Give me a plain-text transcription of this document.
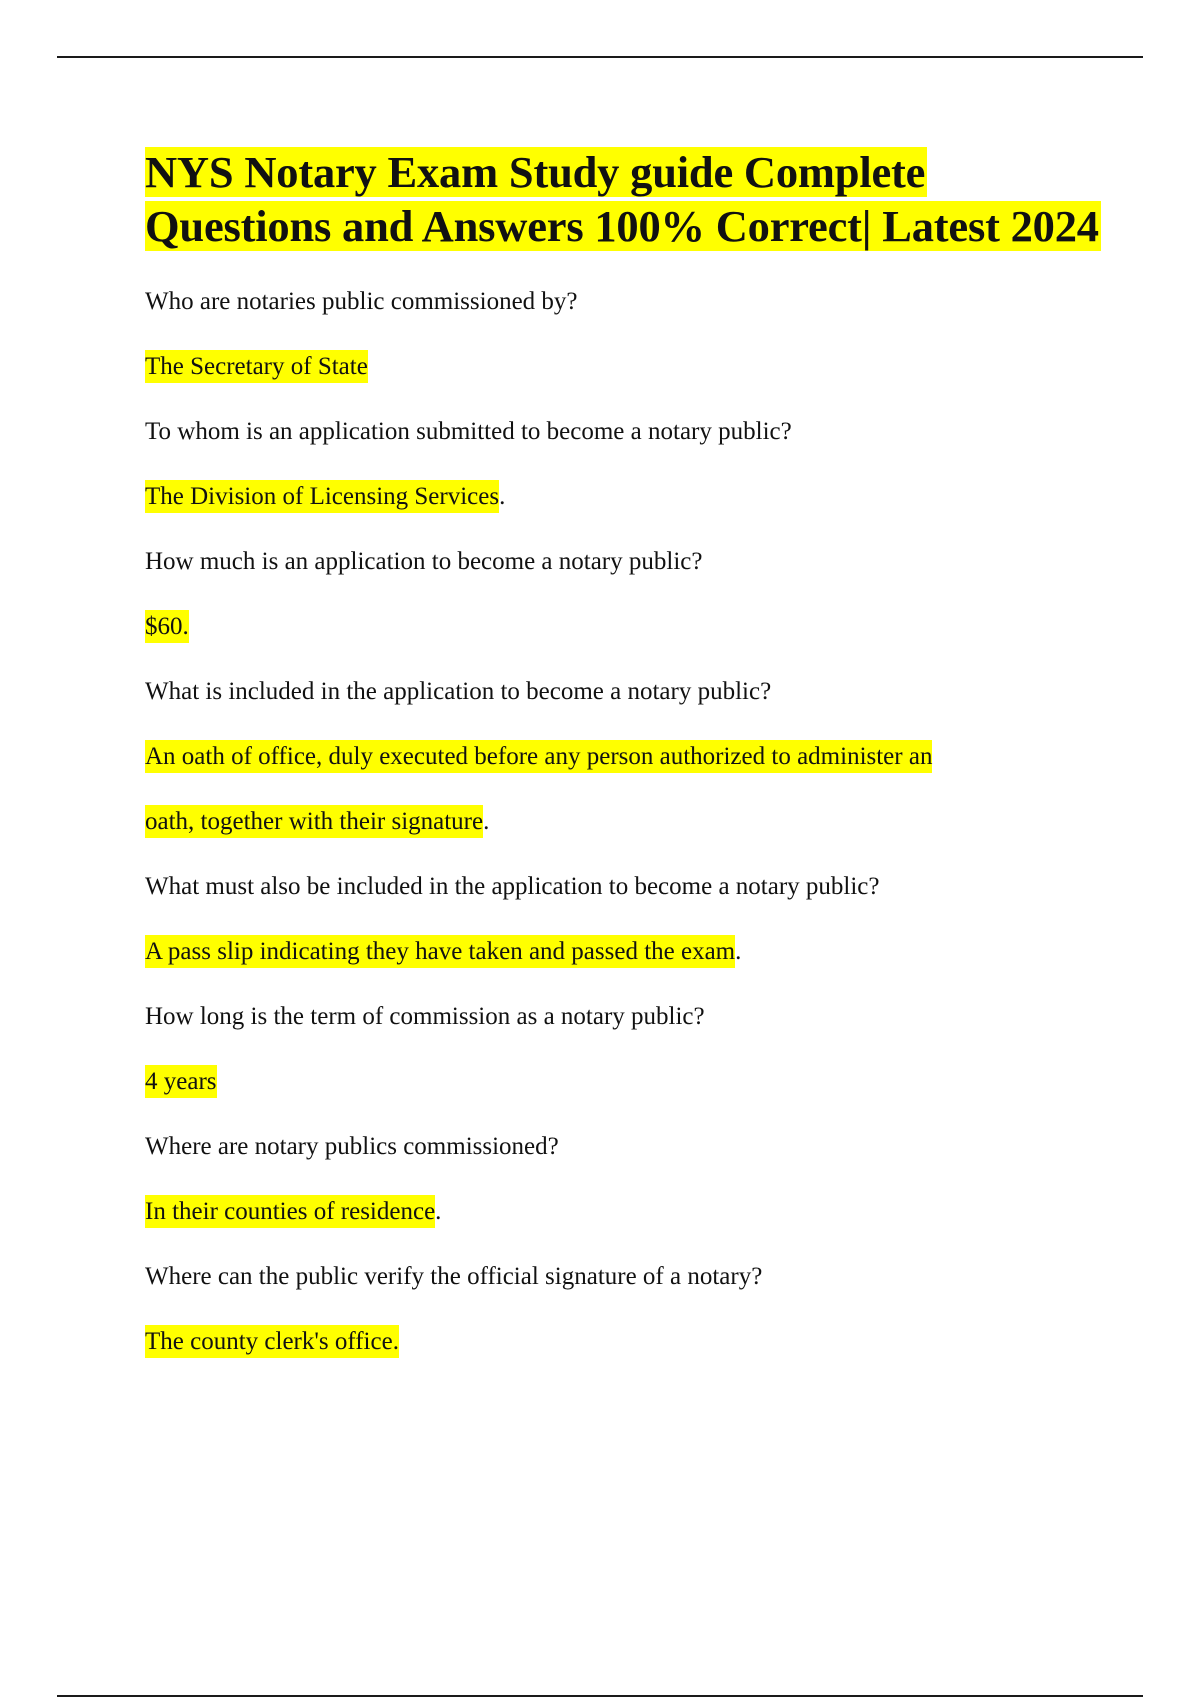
NYS Notary Exam Study guide Complete Questions and Answers 100% Correct| Latest 2024

Who are notaries public commissioned by?

The Secretary of State

To whom is an application submitted to become a notary public?

The Division of Licensing Services.

How much is an application to become a notary public?

$60.

What is included in the application to become a notary public?

An oath of office, duly executed before any person authorized to administer an

oath, together with their signature.

What must also be included in the application to become a notary public?

A pass slip indicating they have taken and passed the exam.

How long is the term of commission as a notary public?

4 years

Where are notary publics commissioned?

In their counties of residence.

Where can the public verify the official signature of a notary?

The county clerk's office.
